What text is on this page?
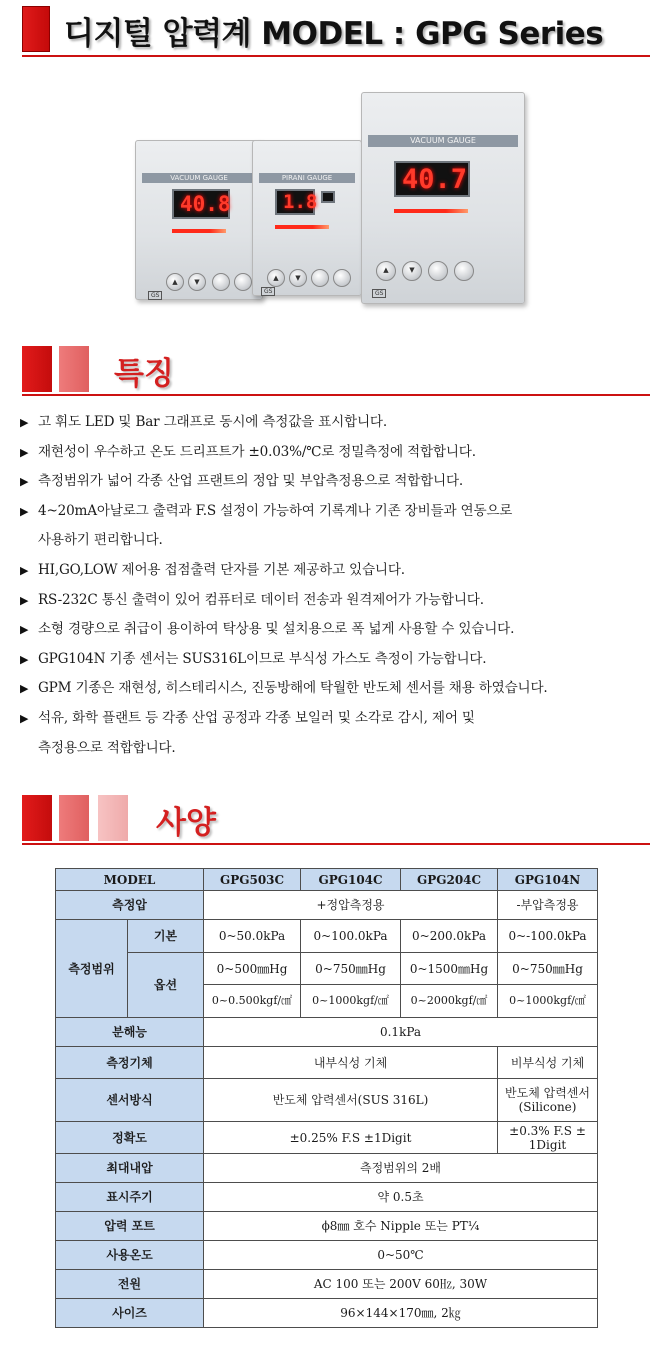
디지털 압력계 MODEL : GPG Series
VACUUM GAUGE
40.8
▲	▼
GS
PIRANI GAUGE
1.8
▲	▼
GS
VACUUM GAUGE
40.7
▲	▼
GS
특징
▶ 고 휘도 LED 및 Bar 그래프로 동시에 측정값을 표시합니다.
▶ 재현성이 우수하고 온도 드리프트가 ±0.03%/℃로 정밀측정에 적합합니다.
▶ 측정범위가 넓어 각종 산업 프랜트의 정압 및 부압측정용으로 적합합니다.
▶ 4~20mA아날로그 출력과 F.S 설정이 가능하여 기록계나 기존 장비들과 연동으로
사용하기 편리합니다.
▶ HI,GO,LOW 제어용 접점출력 단자를 기본 제공하고 있습니다.
▶ RS-232C 통신 출력이 있어 컴퓨터로 데이터 전송과 원격제어가 가능합니다.
▶ 소형 경량으로 취급이 용이하여 탁상용 및 설치용으로 폭 넓게 사용할 수 있습니다.
▶ GPG104N 기종 센서는 SUS316L이므로 부식성 가스도 측정이 가능합니다.
▶ GPM 기종은 재현성, 히스테리시스, 진동방해에 탁월한 반도체 센서를 채용 하였습니다.
▶ 석유, 화학 플랜트 등 각종 산업 공정과 각종 보일러 및 소각로 감시, 제어 및
측정용으로 적합합니다.
사양
MODEL		GPG503C	GPG104C	GPG204C	GPG104N
측정압		+정압측정용			-부압측정용
측정범위	기본	0~50.0kPa	0~100.0kPa	0~200.0kPa	0~-100.0kPa
	옵션	0~500㎜Hg	0~750㎜Hg	0~1500㎜Hg	0~750㎜Hg
		0~0.500kgf/㎠	0~1000kgf/㎠	0~2000kgf/㎠	0~1000kgf/㎠
분해능		0.1kPa			
측정기체		내부식성 기체			비부식성 기체
센서방식		반도체 압력센서(SUS 316L)			반도체 압력센서 (Silicone)
정확도		±0.25% F.S ±1Digit			±0.3% F.S ± 1Digit
최대내압		측정범위의 2배			
표시주기		약 0.5초			
압력 포트		ϕ8㎜ 호수 Nipple 또는 PT¼			
사용온도		0~50℃			
전원		AC 100 또는 200V 60㎐, 30W			
사이즈		96×144×170㎜, 2㎏			
